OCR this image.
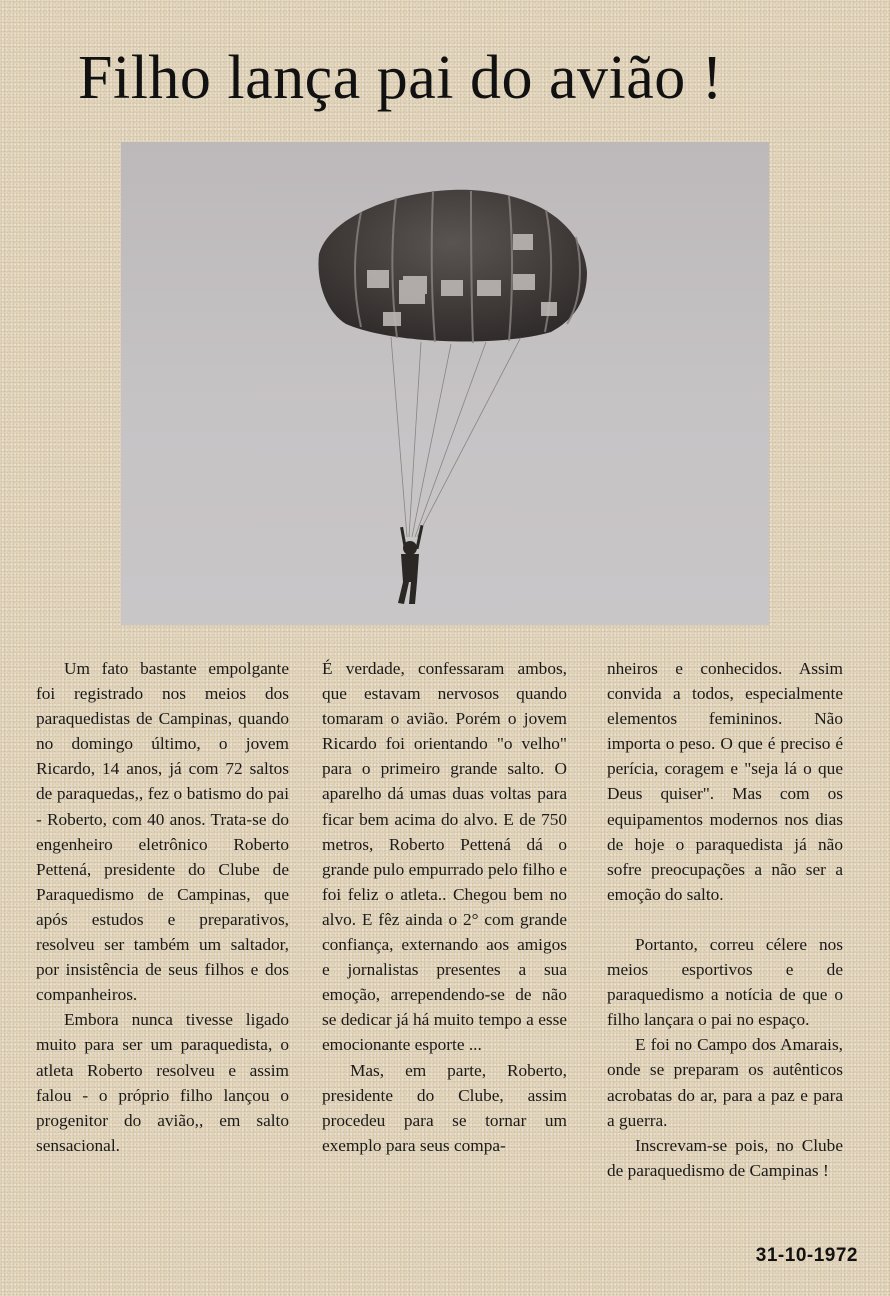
Filho lança pai do avião !

Um fato bastante empolgante foi registrado nos meios dos paraquedistas de Campinas, quando no domingo último, o jovem Ricardo, 14 anos, já com 72 saltos de paraquedas,, fez o batismo do pai - Roberto, com 40 anos. Trata-se do engenheiro eletrônico Roberto Pettená, presidente do Clube de Paraquedismo de Campinas, que após estudos e preparativos, resolveu ser também um saltador, por insistência de seus filhos e dos companheiros.

Embora nunca tivesse ligado muito para ser um paraquedista, o atleta Roberto resolveu e assim falou - o próprio filho lançou o progenitor do avião,, em salto sensacional.

É verdade, confessaram ambos, que estavam nervosos quando tomaram o avião. Porém o jovem Ricardo foi orientando "o velho" para o primeiro grande salto. O aparelho dá umas duas voltas para ficar bem acima do alvo. E de 750 metros, Roberto Pettená dá o grande pulo empurrado pelo filho e foi feliz o atleta.. Chegou bem no alvo. E fêz ainda o 2° com grande confiança, externando aos amigos e jornalistas presentes a sua emoção, arrependendo-se de não se dedicar já há muito tempo a esse emocionante esporte ...

Mas, em parte, Roberto, presidente do Clube, assim procedeu para se tornar um exemplo para seus compa-

nheiros e conhecidos. Assim convida a todos, especialmente elementos femininos. Não importa o peso. O que é preciso é perícia, coragem e "seja lá o que Deus quiser". Mas com os equipamentos modernos nos dias de hoje o paraquedista já não sofre preocupações a não ser a emoção do salto.

Portanto, correu célere nos meios esportivos e de paraquedismo a notícia de que o filho lançara o pai no espaço.

E foi no Campo dos Amarais, onde se preparam os autênticos acrobatas do ar, para a paz e para a guerra.

Inscrevam-se pois, no Clube de paraquedismo de Campinas !

31-10-1972
